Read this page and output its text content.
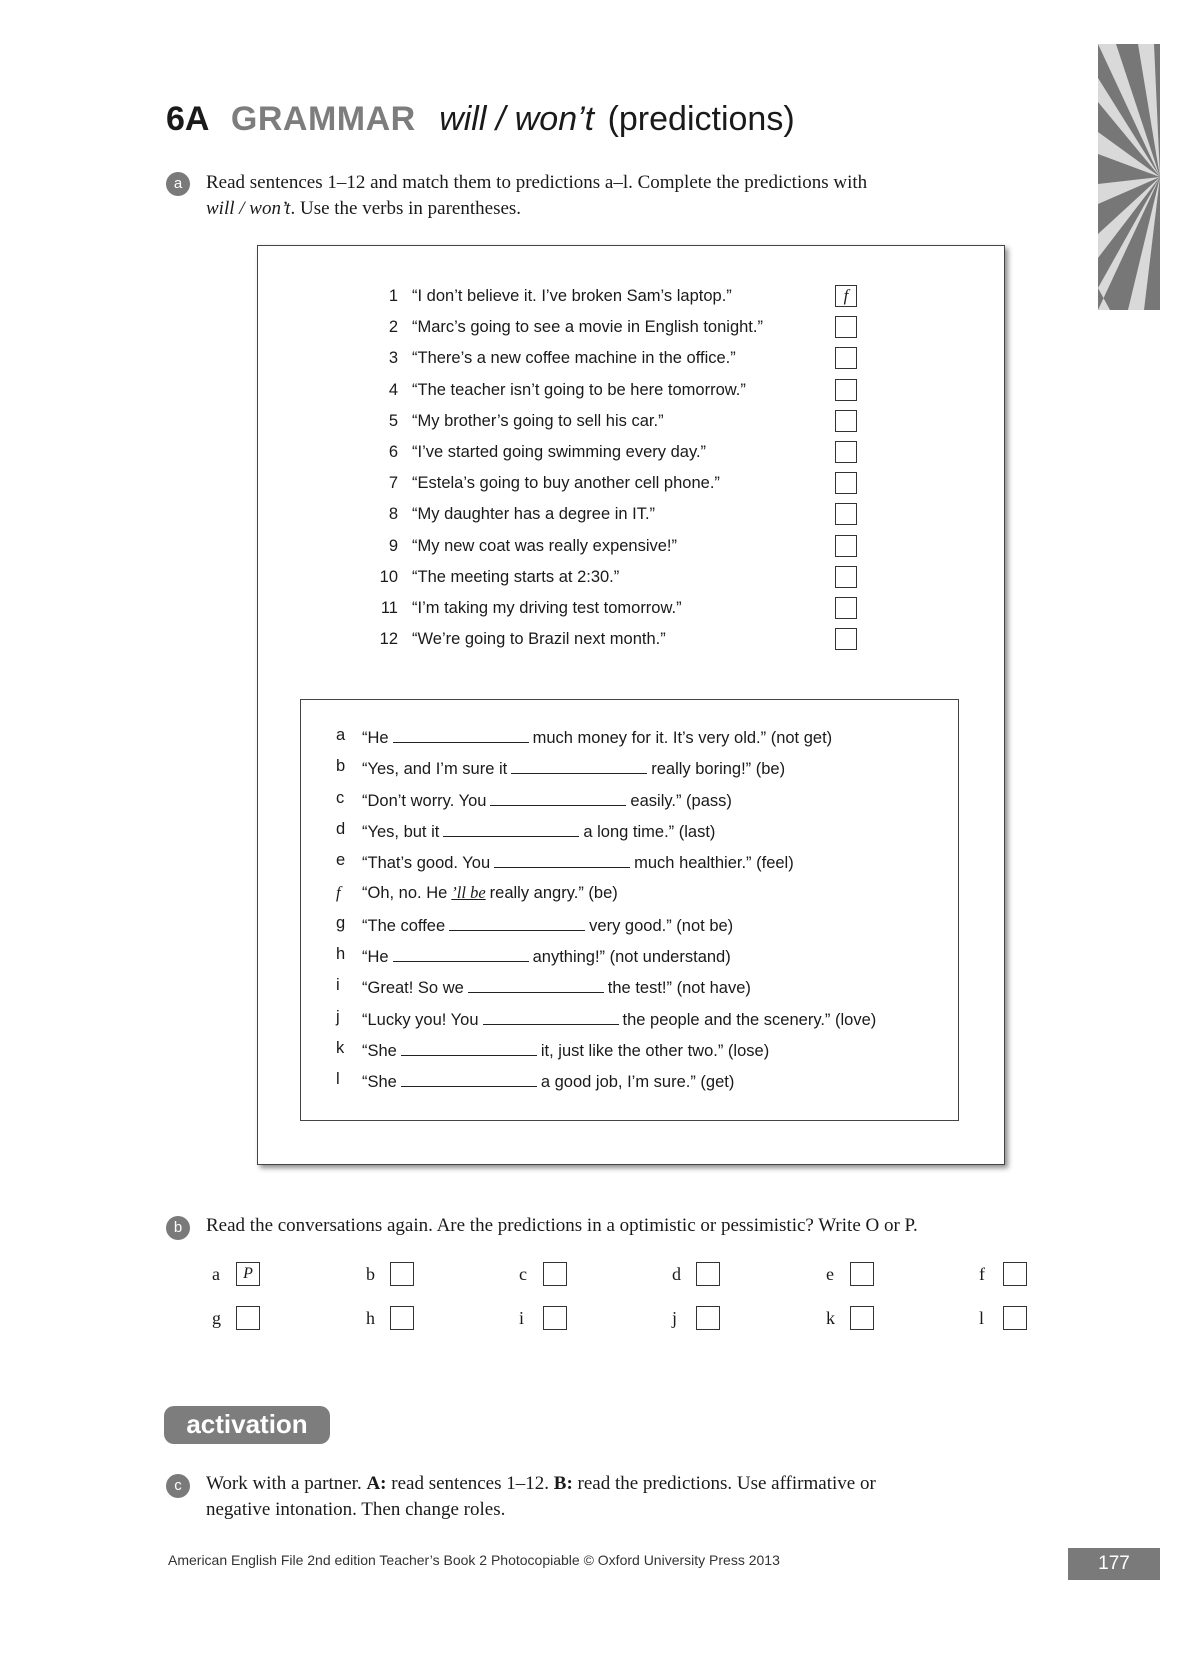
6A GRAMMAR will / won’t (predictions)
a	Read sentences 1–12 and match them to predictions a–l. Complete the predictions with
will / won’t. Use the verbs in parentheses.
1 “I don’t believe it. I’ve broken Sam’s laptop.”	f
2 “Marc’s going to see a movie in English tonight.”
3 “There’s a new coffee machine in the office.”
4 “The teacher isn’t going to be here tomorrow.”
5 “My brother’s going to sell his car.”
6 “I’ve started going swimming every day.”
7 “Estela’s going to buy another cell phone.”
8 “My daughter has a degree in IT.”
9 “My new coat was really expensive!”
10 “The meeting starts at 2:30.”
11 “I’m taking my driving test tomorrow.”
12 “We’re going to Brazil next month.”
a	“He	much money for it. It’s very old.” (not get)
b	“Yes, and I’m sure it	really boring!” (be)
c	“Don’t worry. You	easily.” (pass)
d	“Yes, but it	a long time.” (last)
e	“That’s good. You	much healthier.” (feel)
f	“Oh, no. He ’ll be really angry.” (be)
g	“The coffee	very good.” (not be)
h	“He	anything!” (not understand)
i	“Great! So we	the test!” (not have)
j	“Lucky you! You	the people and the scenery.” (love)
k	“She	it, just like the other two.” (lose)
l	“She	a good job, I’m sure.” (get)
b	Read the conversations again. Are the predictions in a optimistic or pessimistic? Write O or P.
a	P	b	c	d	e	f
g	h	i	j	k	l
activation
c	Work with a partner. A: read sentences 1–12. B: read the predictions. Use affirmative or
negative intonation. Then change roles.
American English File 2nd edition Teacher’s Book 2 Photocopiable © Oxford University Press 2013	177
